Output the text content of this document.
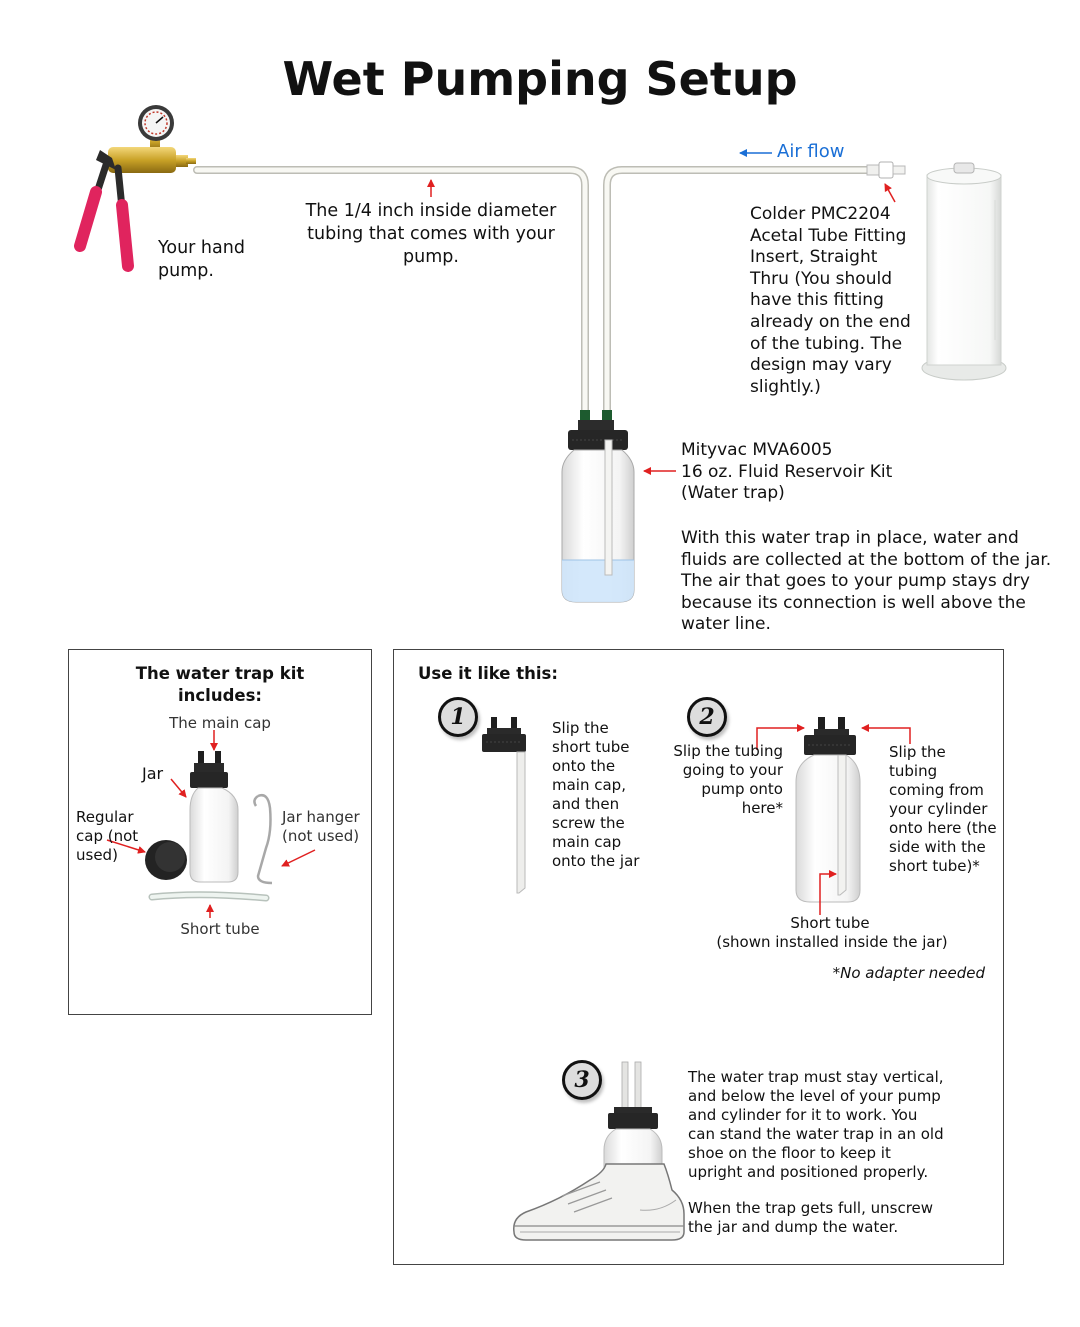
Wet Pumping Setup
Air flow
Your hand pump.
The 1/4 inch inside diameter tubing that comes with your pump.
Colder PMC2204 Acetal Tube Fitting Insert, Straight Thru (You should have this fitting already on the end of the tubing. The design may vary slightly.)
Mityvac MVA6005
16 oz. Fluid Reservoir Kit
(Water trap)
With this water trap in place, water and fluids are collected at the bottom of the jar. The air that goes to your pump stays dry because its connection is well above the water line.
The water trap kit includes:
The main cap
Jar
Regular cap (not used)
Jar hanger (not used)
Short tube
Use it like this:
1	Slip the short tube onto the main cap, and then screw the main cap onto the jar
2
Slip the tubing going to your pump onto here*
Slip the tubing coming from your cylinder onto here (the side with the short tube)*
Short tube
(shown installed inside the jar)
*No adapter needed
3	The water trap must stay vertical, and below the level of your pump and cylinder for it to work. You can stand the water trap in an old shoe on the floor to keep it upright and positioned properly.
When the trap gets full, unscrew the jar and dump the water.
